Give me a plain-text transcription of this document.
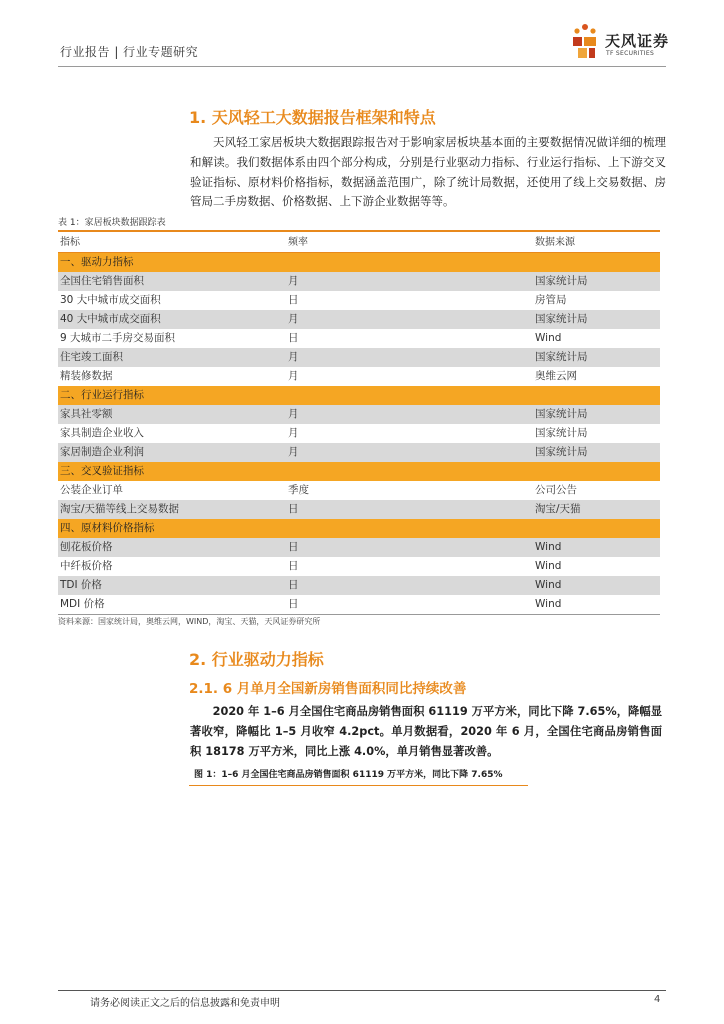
行业报告 | 行业专题研究
天风证券
TF SECURITIES
1. 天风轻工大数据报告框架和特点
天风轻工家居板块大数据跟踪报告对于影响家居板块基本面的主要数据情况做详细的梳理和解读。我们数据体系由四个部分构成，分别是行业驱动力指标、行业运行指标、上下游交叉验证指标、原材料价格指标，数据涵盖范围广，除了统计局数据，还使用了线上交易数据、房管局二手房数据、价格数据、上下游企业数据等等。
表 1：家居板块数据跟踪表
指标	频率	数据来源
一、驱动力指标		
全国住宅销售面积	月	国家统计局
30 大中城市成交面积	日	房管局
40 大中城市成交面积	月	国家统计局
9 大城市二手房交易面积	日	Wind
住宅竣工面积	月	国家统计局
精装修数据	月	奥维云网
二、行业运行指标		
家具社零额	月	国家统计局
家具制造企业收入	月	国家统计局
家居制造企业利润	月	国家统计局
三、交叉验证指标		
公装企业订单	季度	公司公告
淘宝/天猫等线上交易数据	日	淘宝/天猫
四、原材料价格指标		
刨花板价格	日	Wind
中纤板价格	日	Wind
TDI 价格	日	Wind
MDI 价格	日	Wind
资料来源：国家统计局，奥维云网，WIND，淘宝、天猫，天风证券研究所
2. 行业驱动力指标
2.1. 6 月单月全国新房销售面积同比持续改善
2020 年 1–6 月全国住宅商品房销售面积 61119 万平方米，同比下降 7.65%，降幅显著收窄，降幅比 1–5 月收窄 4.2pct。单月数据看，2020 年 6 月，全国住宅商品房销售面积 18178 万平方米，同比上涨 4.0%，单月销售显著改善。
图 1：1–6 月全国住宅商品房销售面积 61119 万平方米，同比下降 7.65%
请务必阅读正文之后的信息披露和免责申明	4
